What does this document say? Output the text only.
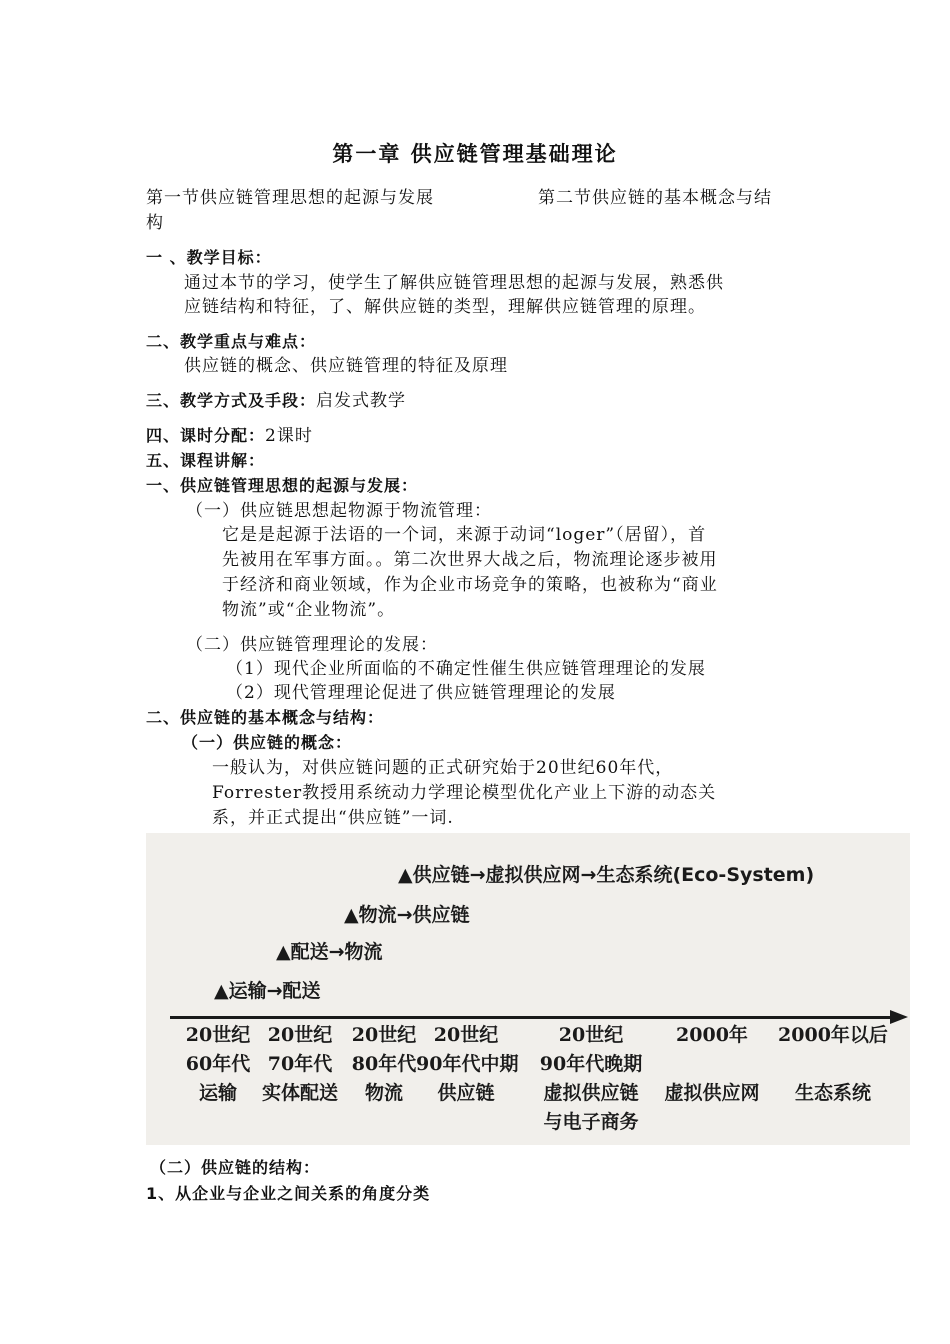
第一章 供应链管理基础理论
第一节供应链管理思想的起源与发展	第二节供应链的基本概念与结
构
一 、教学目标：
通过本节的学习，使学生了解供应链管理思想的起源与发展，熟悉供
应链结构和特征，了、解供应链的类型，理解供应链管理的原理。
二、教学重点与难点：
供应链的概念、供应链管理的特征及原理
三、教学方式及手段：启发式教学
四、课时分配：2课时
五、课程讲解：
一、供应链管理思想的起源与发展：
（一）供应链思想起物源于物流管理：
它是是起源于法语的一个词，来源于动词“loger”（居留），首
先被用在军事方面。。第二次世界大战之后，物流理论逐步被用
于经济和商业领域，作为企业市场竞争的策略，也被称为“商业
物流”或“企业物流”。
（二）供应链管理理论的发展：
（1）现代企业所面临的不确定性催生供应链管理理论的发展
（2）现代管理理论促进了供应链管理理论的发展
二、供应链的基本概念与结构：
（一）供应链的概念：
一般认为，对供应链问题的正式研究始于20世纪60年代，
Forrester教授用系统动力学理论模型优化产业上下游的动态关
系，并正式提出“供应链”一词.
▲运输→配送
▲配送→物流
▲物流→供应链
▲供应链→虚拟供应网→生态系统(Eco-System)
20世纪
60年代
运输
20世纪
70年代
实体配送
20世纪
80年代
物流
20世纪
90年代中期
供应链
20世纪
90年代晚期
虚拟供应链
与电子商务
2000年
虚拟供应网
2000年以后
生态系统
（二）供应链的结构：
1、从企业与企业之间关系的角度分类
